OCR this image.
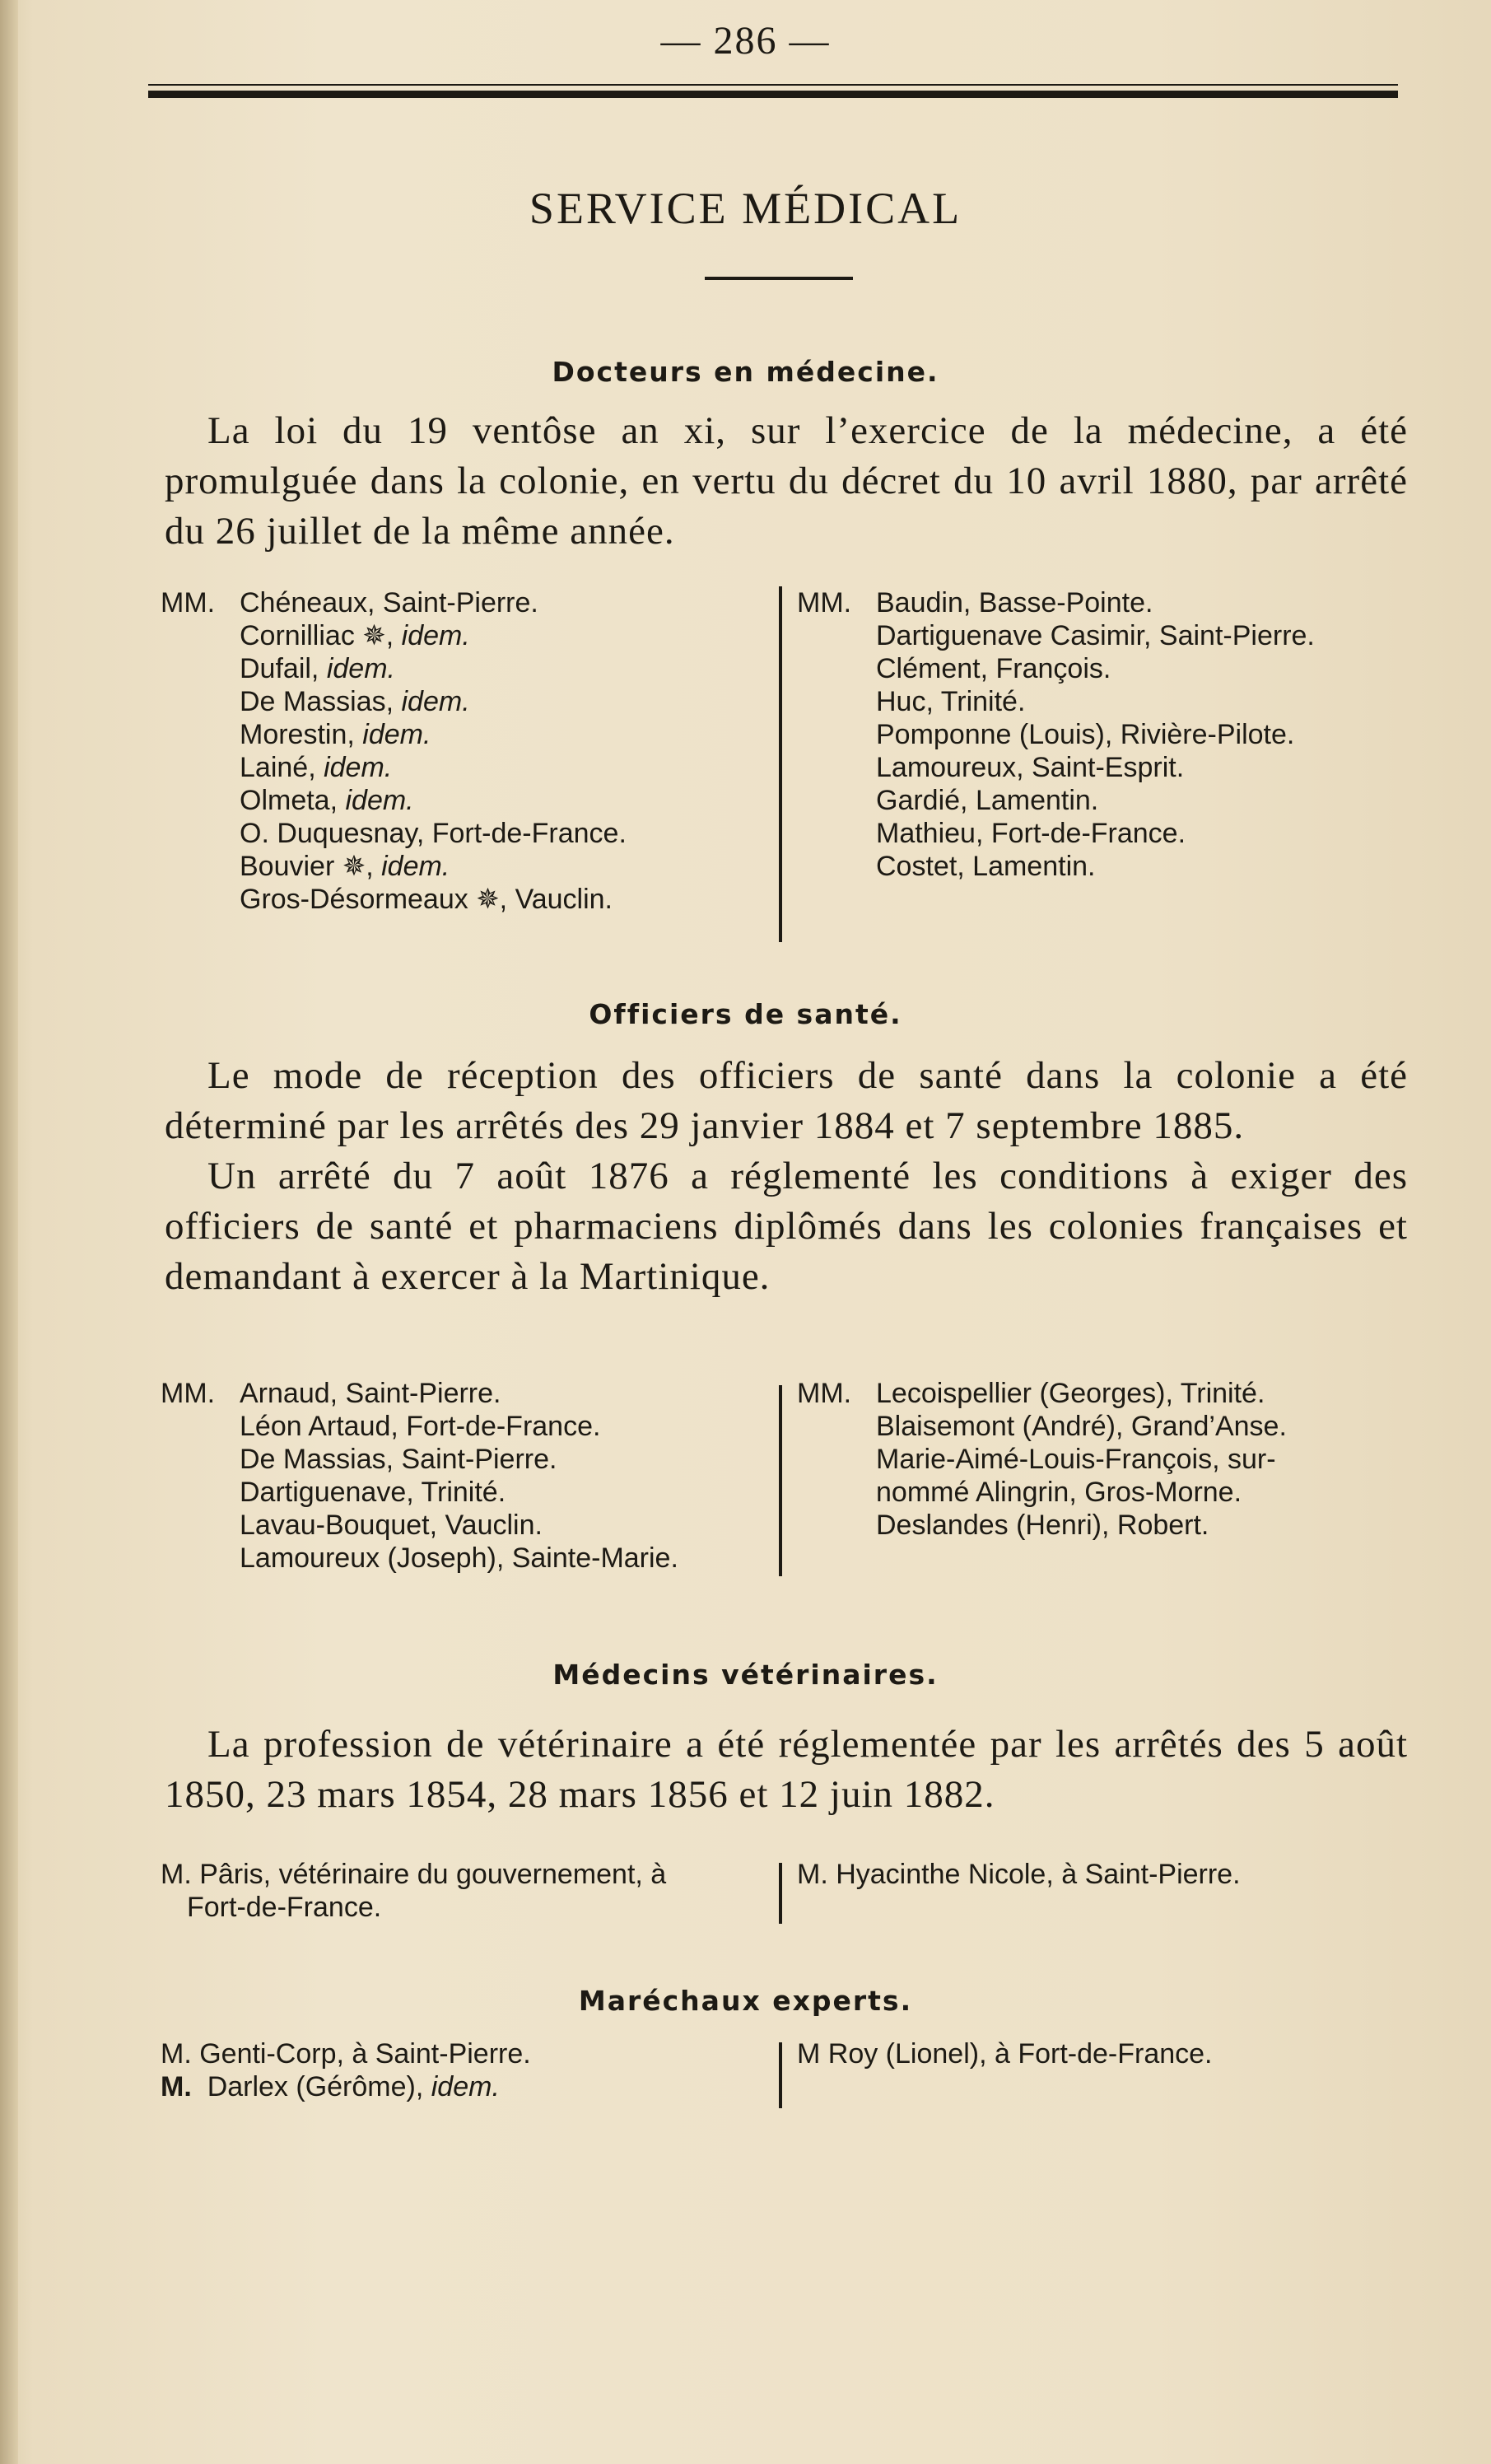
— 286 —
SERVICE MÉDICAL
Docteurs en médecine.

La loi du 19 ventôse an xi, sur l’exercice de la médecine, a été promulguée dans la colonie, en vertu du décret du 10 avril 1880, par arrêté du 26 juillet de la même année.

MM. Chéneaux, Saint-Pierre.
Cornilliac ✵, idem.
Dufail, idem.
De Massias, idem.
Morestin, idem.
Lainé, idem.
Olmeta, idem.
O. Duquesnay, Fort-de-France.
Bouvier ✵, idem.
Gros-Désormeaux ✵, Vauclin.
MM. Baudin, Basse-Pointe.
Dartiguenave Casimir, Saint-Pierre.
Clément, François.
Huc, Trinité.
Pomponne (Louis), Rivière-Pilote.
Lamoureux, Saint-Esprit.
Gardié, Lamentin.
Mathieu, Fort-de-France.
Costet, Lamentin.
Officiers de santé.

Le mode de réception des officiers de santé dans la colonie a été déterminé par les arrêtés des 29 janvier 1884 et 7 septembre 1885.

Un arrêté du 7 août 1876 a réglementé les conditions à exiger des officiers de santé et pharmaciens diplômés dans les colonies françaises et demandant à exercer à la Martinique.

MM. Arnaud, Saint-Pierre.
Léon Artaud, Fort-de-France.
De Massias, Saint-Pierre.
Dartiguenave, Trinité.
Lavau-Bouquet, Vauclin.
Lamoureux (Joseph), Sainte-Marie.
MM. Lecoispellier (Georges), Trinité.
Blaisemont (André), Grand’Anse.
Marie-Aimé-Louis-François, sur-
nommé Alingrin, Gros-Morne.
Deslandes (Henri), Robert.
Médecins vétérinaires.

La profession de vétérinaire a été réglementée par les arrêtés des 5 août 1850, 23 mars 1854, 28 mars 1856 et 12 juin 1882.

M. Pâris, vétérinaire du gouvernement, à
Fort-de-France.
M. Hyacinthe Nicole, à Saint-Pierre.
Maréchaux experts.
M. Genti-Corp, à Saint-Pierre.
M.
Darlex (Gérôme),
idem.
M Roy (Lionel), à Fort-de-France.
